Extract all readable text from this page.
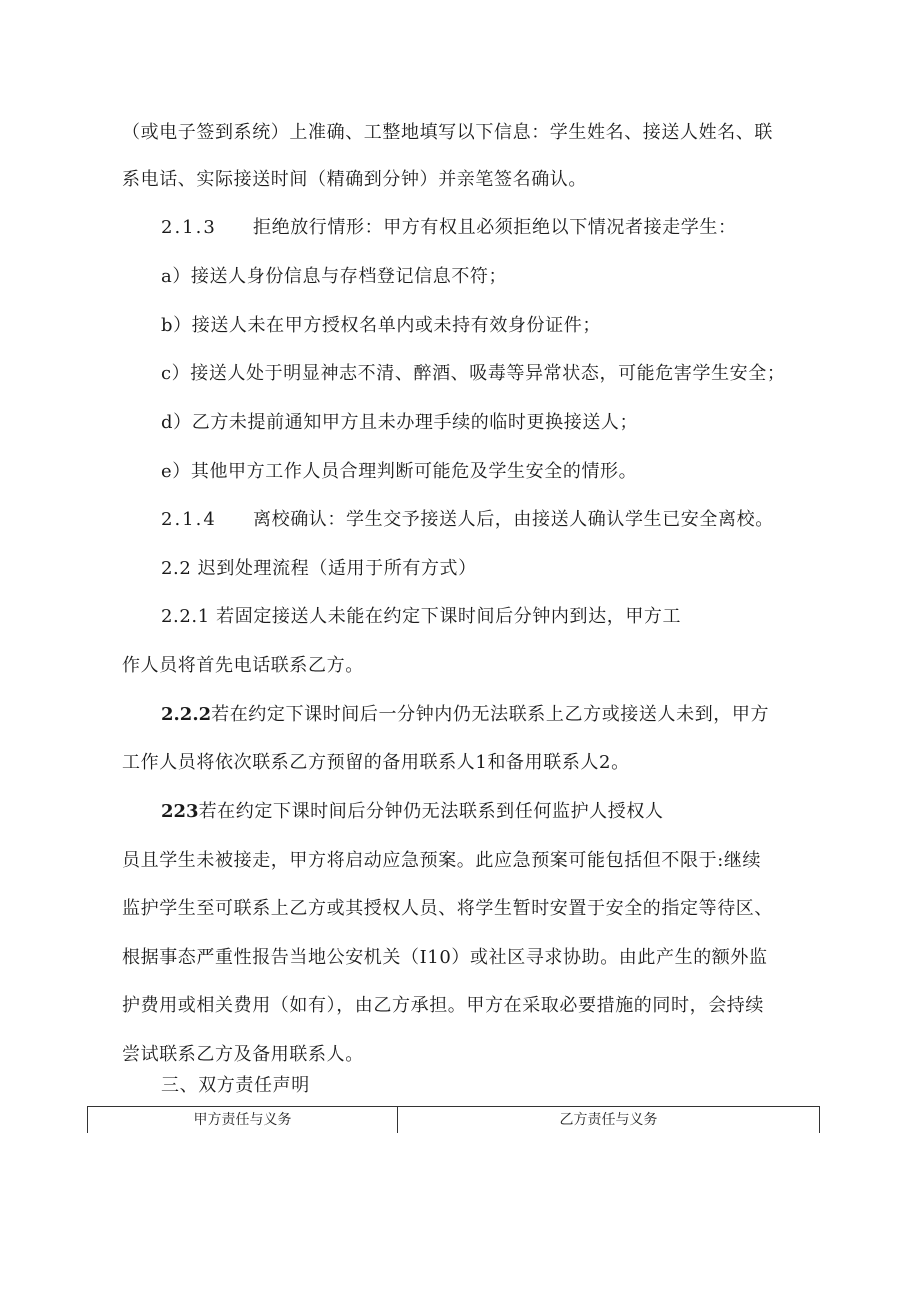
（或电子签到系统）上准确、工整地填写以下信息：学生姓名、接送人姓名、联
系电话、实际接送时间（精确到分钟）并亲笔签名确认。
2.1.3 拒绝放行情形：甲方有权且必须拒绝以下情况者接走学生：
a）接送人身份信息与存档登记信息不符；
b）接送人未在甲方授权名单内或未持有效身份证件；
c）接送人处于明显神志不清、醉酒、吸毒等异常状态，可能危害学生安全；
d）乙方未提前通知甲方且未办理手续的临时更换接送人；
e）其他甲方工作人员合理判断可能危及学生安全的情形。
2.1.4 离校确认：学生交予接送人后，由接送人确认学生已安全离校。
2.2 迟到处理流程（适用于所有方式）
2.2.1 若固定接送人未能在约定下课时间后分钟内到达，甲方工
作人员将首先电话联系乙方。
2.2.2若在约定下课时间后一分钟内仍无法联系上乙方或接送人未到，甲方
工作人员将依次联系乙方预留的备用联系人1和备用联系人2。
223若在约定下课时间后分钟仍无法联系到任何监护人授权人
员且学生未被接走，甲方将启动应急预案。此应急预案可能包括但不限于:继续
监护学生至可联系上乙方或其授权人员、将学生暂时安置于安全的指定等待区、
根据事态严重性报告当地公安机关（I10）或社区寻求协助。由此产生的额外监
护费用或相关费用（如有），由乙方承担。甲方在采取必要措施的同时，会持续
尝试联系乙方及备用联系人。
三、双方责任声明
甲方责任与义务	乙方责任与义务
